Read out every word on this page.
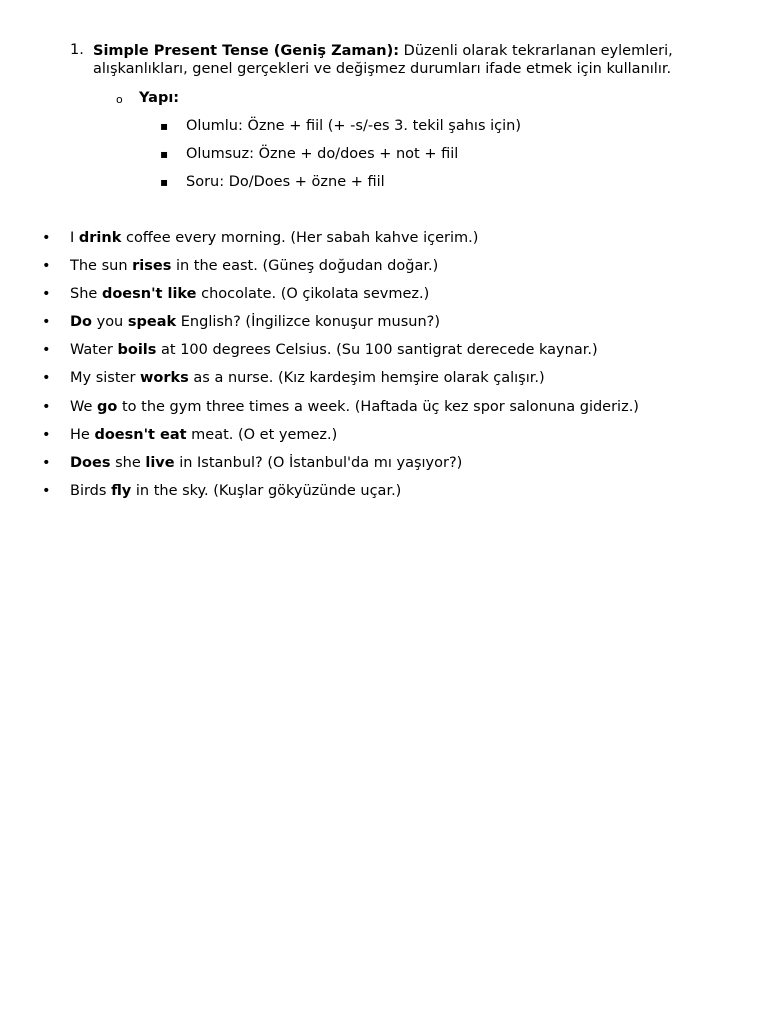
1. Simple Present Tense (Geniş Zaman): Düzenli olarak tekrarlanan eylemleri, alışkanlıkları, genel gerçekleri ve değişmez durumları ifade etmek için kullanılır.
o Yapı:
▪ Olumlu: Özne + fiil (+ -s/-es 3. tekil şahıs için)
▪ Olumsuz: Özne + do/does + not + fiil
▪ Soru: Do/Does + özne + fiil
• I drink coffee every morning. (Her sabah kahve içerim.)
• The sun rises in the east. (Güneş doğudan doğar.)
• She doesn't like chocolate. (O çikolata sevmez.)
• Do you speak English? (İngilizce konuşur musun?)
• Water boils at 100 degrees Celsius. (Su 100 santigrat derecede kaynar.)
• My sister works as a nurse. (Kız kardeşim hemşire olarak çalışır.)
• We go to the gym three times a week. (Haftada üç kez spor salonuna gideriz.)
• He doesn't eat meat. (O et yemez.)
• Does she live in Istanbul? (O İstanbul'da mı yaşıyor?)
• Birds fly in the sky. (Kuşlar gökyüzünde uçar.)
